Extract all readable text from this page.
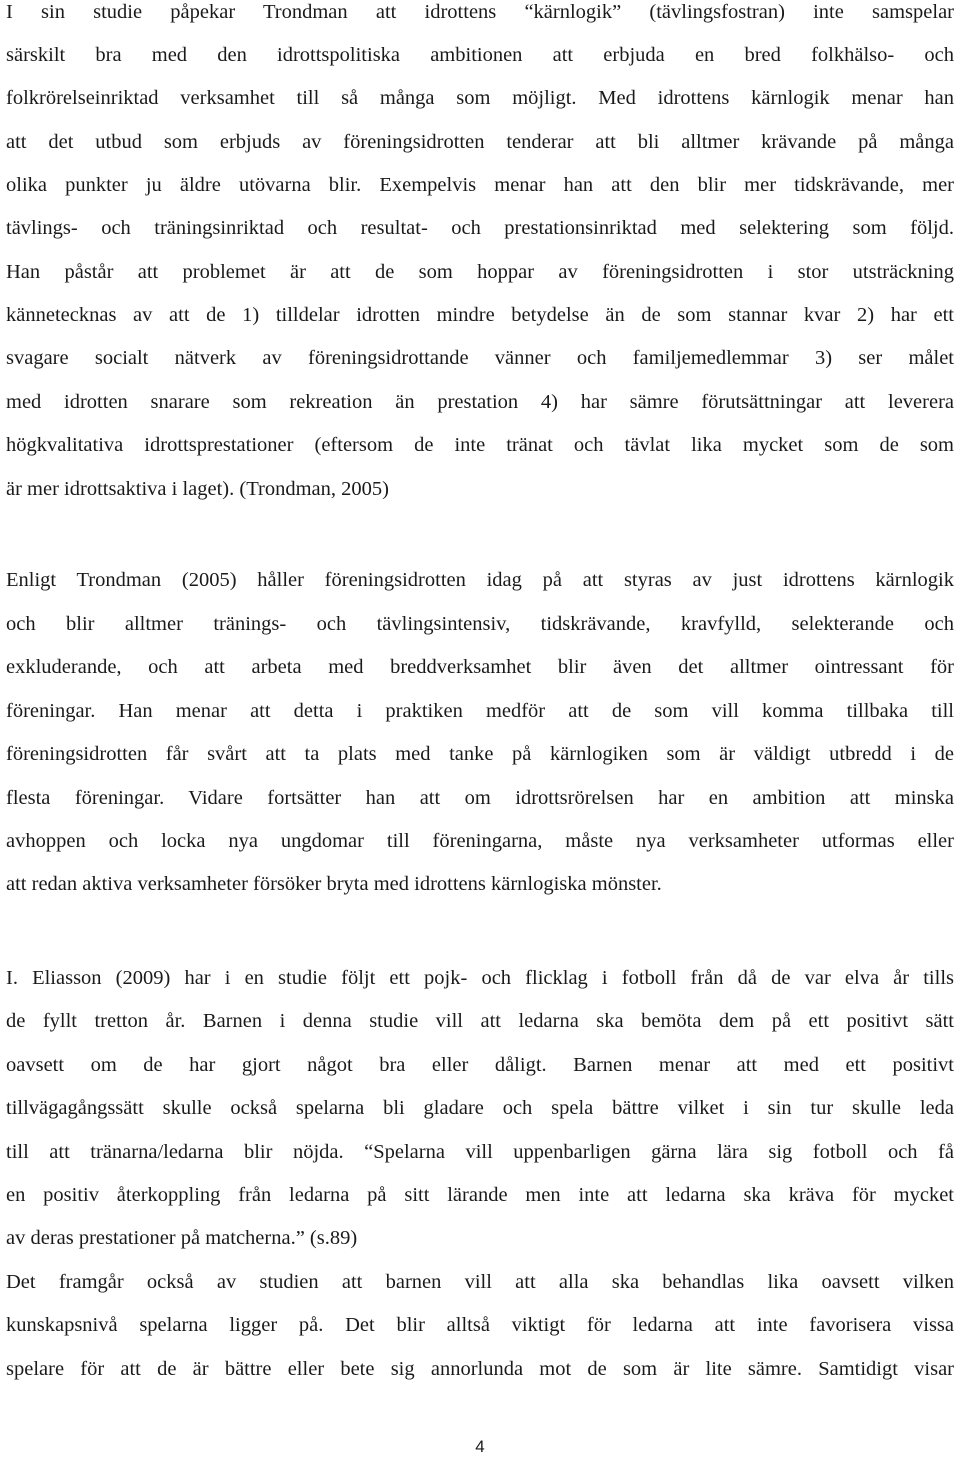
I sin studie påpekar Trondman att idrottens “kärnlogik” (tävlingsfostran) inte samspelar
särskilt bra med den idrottspolitiska ambitionen att erbjuda en bred folkhälso- och
folkrörelseinriktad verksamhet till så många som möjligt. Med idrottens kärnlogik menar han
att det utbud som erbjuds av föreningsidrotten tenderar att bli alltmer krävande på många
olika punkter ju äldre utövarna blir. Exempelvis menar han att den blir mer tidskrävande, mer
tävlings- och träningsinriktad och resultat- och prestationsinriktad med selektering som följd.
Han påstår att problemet är att de som hoppar av föreningsidrotten i stor utsträckning
kännetecknas av att de 1) tilldelar idrotten mindre betydelse än de som stannar kvar 2) har ett
svagare socialt nätverk av föreningsidrottande vänner och familjemedlemmar 3) ser målet
med idrotten snarare som rekreation än prestation 4) har sämre förutsättningar att leverera
högkvalitativa idrottsprestationer (eftersom de inte tränat och tävlat lika mycket som de som
är mer idrottsaktiva i laget). (Trondman, 2005)
Enligt Trondman (2005) håller föreningsidrotten idag på att styras av just idrottens kärnlogik
och blir alltmer tränings- och tävlingsintensiv, tidskrävande, kravfylld, selekterande och
exkluderande, och att arbeta med breddverksamhet blir även det alltmer ointressant för
föreningar. Han menar att detta i praktiken medför att de som vill komma tillbaka till
föreningsidrotten får svårt att ta plats med tanke på kärnlogiken som är väldigt utbredd i de
flesta föreningar. Vidare fortsätter han att om idrottsrörelsen har en ambition att minska
avhoppen och locka nya ungdomar till föreningarna, måste nya verksamheter utformas eller
att redan aktiva verksamheter försöker bryta med idrottens kärnlogiska mönster.
I. Eliasson (2009) har i en studie följt ett pojk- och flicklag i fotboll från då de var elva år tills
de fyllt tretton år. Barnen i denna studie vill att ledarna ska bemöta dem på ett positivt sätt
oavsett om de har gjort något bra eller dåligt. Barnen menar att med ett positivt
tillvägagångssätt skulle också spelarna bli gladare och spela bättre vilket i sin tur skulle leda
till att tränarna/ledarna blir nöjda. “Spelarna vill uppenbarligen gärna lära sig fotboll och få
en positiv återkoppling från ledarna på sitt lärande men inte att ledarna ska kräva för mycket
av deras prestationer på matcherna.” (s.89)
Det framgår också av studien att barnen vill att alla ska behandlas lika oavsett vilken
kunskapsnivå spelarna ligger på. Det blir alltså viktigt för ledarna att inte favorisera vissa
spelare för att de är bättre eller bete sig annorlunda mot de som är lite sämre. Samtidigt visar
4
